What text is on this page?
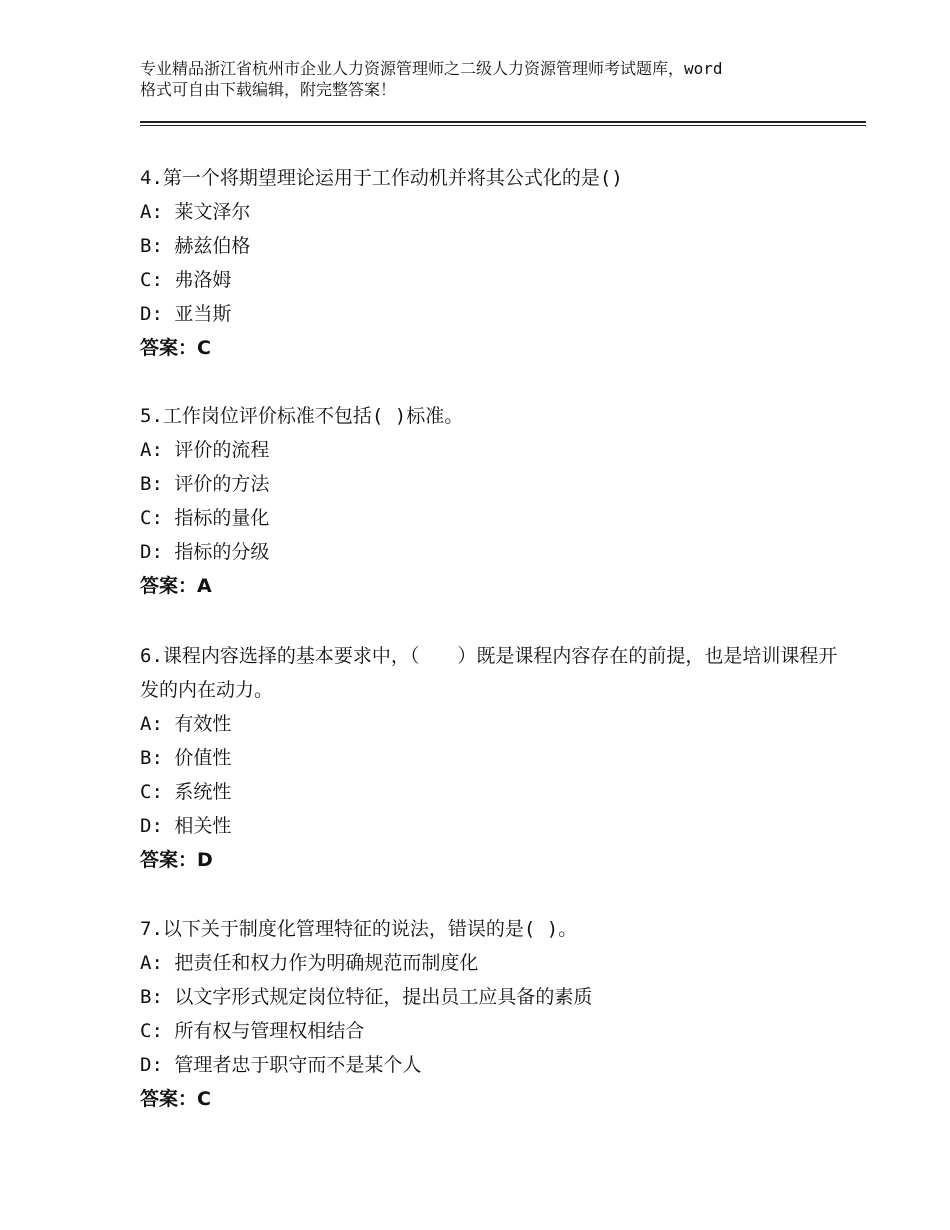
专业精品浙江省杭州市企业人力资源管理师之二级人力资源管理师考试题库，word
格式可自由下载编辑，附完整答案！
4.第一个将期望理论运用于工作动机并将其公式化的是()
A: 莱文泽尔
B: 赫兹伯格
C: 弗洛姆
D: 亚当斯
答案：C
5.工作岗位评价标准不包括( )标准。
A: 评价的流程
B: 评价的方法
C: 指标的量化
D: 指标的分级
答案：A
6.课程内容选择的基本要求中，（　　）既是课程内容存在的前提，也是培训课程开发的内在动力。
A: 有效性
B: 价值性
C: 系统性
D: 相关性
答案：D
7.以下关于制度化管理特征的说法，错误的是( )。
A: 把责任和权力作为明确规范而制度化
B: 以文字形式规定岗位特征，提出员工应具备的素质
C: 所有权与管理权相结合
D: 管理者忠于职守而不是某个人
答案：C
